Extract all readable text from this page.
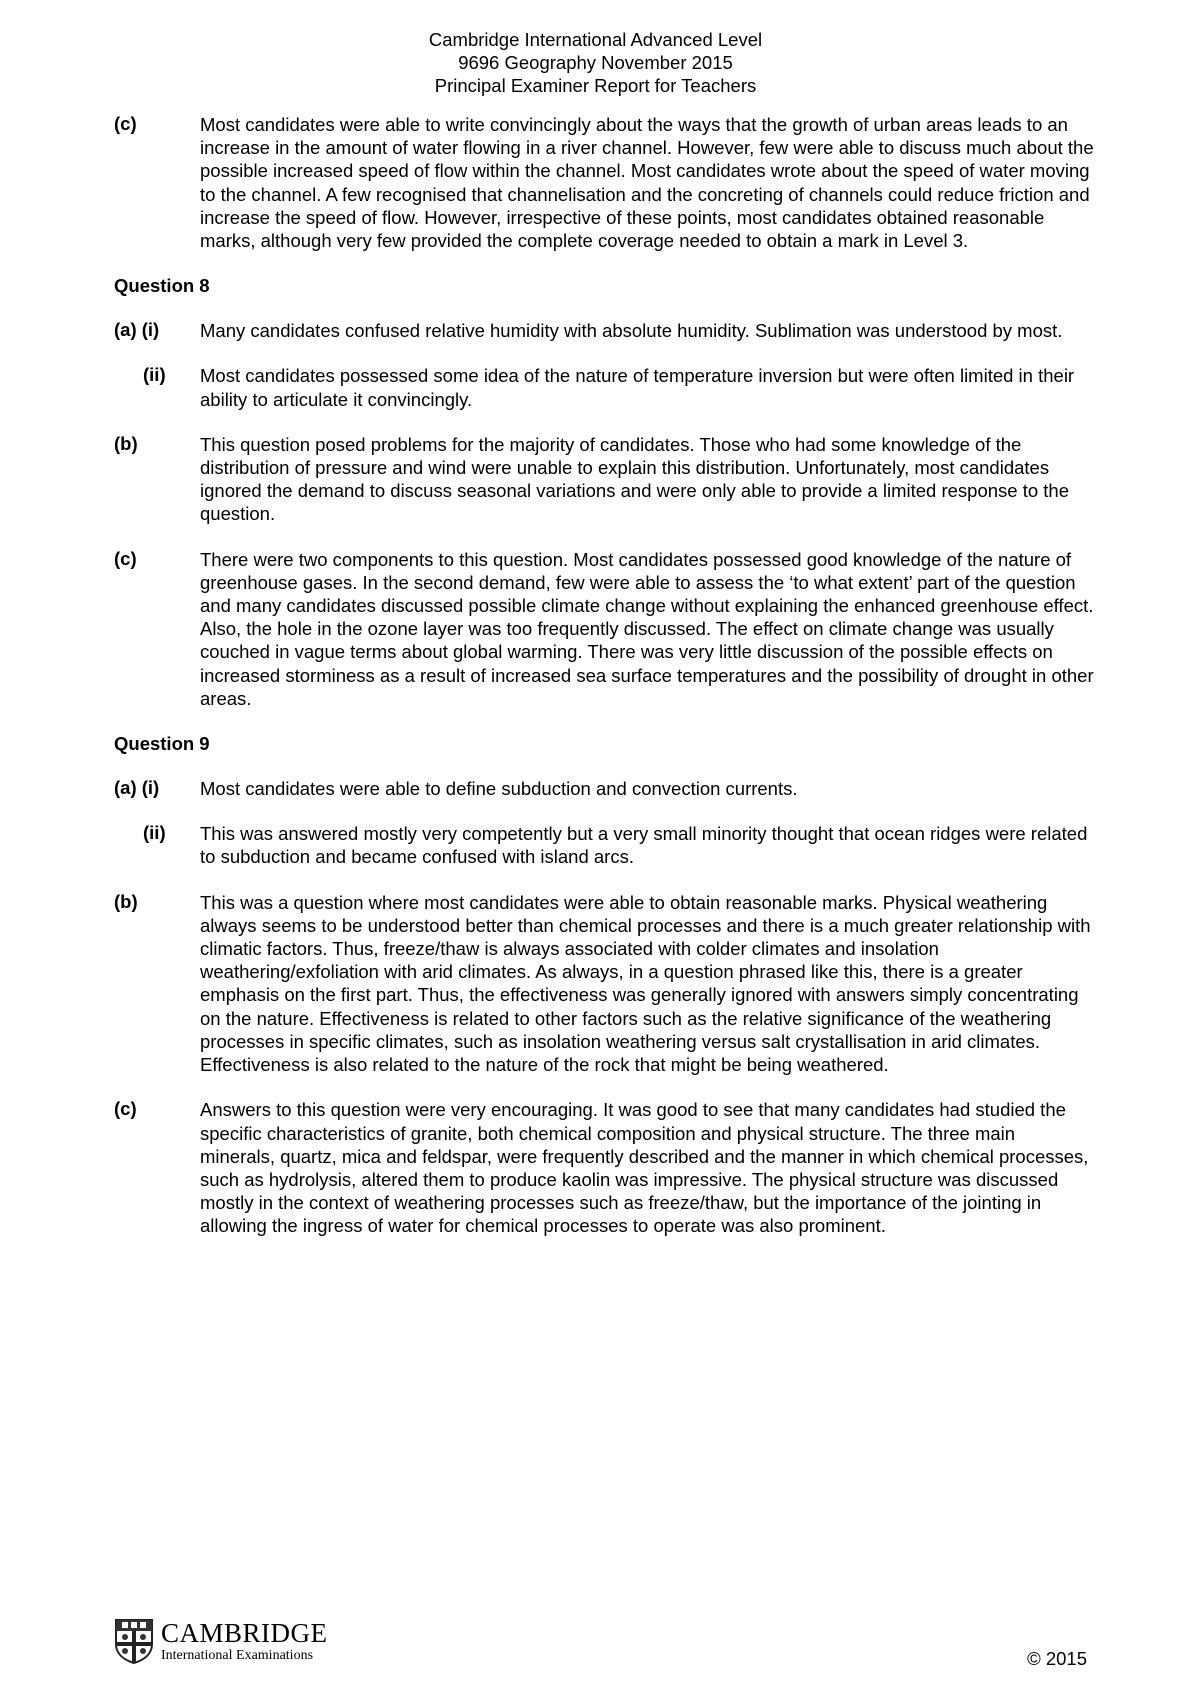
Cambridge International Advanced Level
9696 Geography November 2015
Principal Examiner Report for Teachers
(c)	Most candidates were able to write convincingly about the ways that the growth of urban areas leads to an increase in the amount of water flowing in a river channel. However, few were able to discuss much about the possible increased speed of flow within the channel. Most candidates wrote about the speed of water moving to the channel. A few recognised that channelisation and the concreting of channels could reduce friction and increase the speed of flow. However, irrespective of these points, most candidates obtained reasonable marks, although very few provided the complete coverage needed to obtain a mark in Level 3.
Question 8
(a) (i) Many candidates confused relative humidity with absolute humidity. Sublimation was understood by most.
(ii) Most candidates possessed some idea of the nature of temperature inversion but were often limited in their ability to articulate it convincingly.
(b)	This question posed problems for the majority of candidates. Those who had some knowledge of the distribution of pressure and wind were unable to explain this distribution. Unfortunately, most candidates ignored the demand to discuss seasonal variations and were only able to provide a limited response to the question.
(c)	There were two components to this question. Most candidates possessed good knowledge of the nature of greenhouse gases. In the second demand, few were able to assess the ‘to what extent’ part of the question and many candidates discussed possible climate change without explaining the enhanced greenhouse effect. Also, the hole in the ozone layer was too frequently discussed. The effect on climate change was usually couched in vague terms about global warming. There was very little discussion of the possible effects on increased storminess as a result of increased sea surface temperatures and the possibility of drought in other areas.
Question 9
(a) (i) Most candidates were able to define subduction and convection currents.
(ii) This was answered mostly very competently but a very small minority thought that ocean ridges were related to subduction and became confused with island arcs.
(b)	This was a question where most candidates were able to obtain reasonable marks. Physical weathering always seems to be understood better than chemical processes and there is a much greater relationship with climatic factors. Thus, freeze/thaw is always associated with colder climates and insolation weathering/exfoliation with arid climates. As always, in a question phrased like this, there is a greater emphasis on the first part. Thus, the effectiveness was generally ignored with answers simply concentrating on the nature. Effectiveness is related to other factors such as the relative significance of the weathering processes in specific climates, such as insolation weathering versus salt crystallisation in arid climates. Effectiveness is also related to the nature of the rock that might be being weathered.
(c)	Answers to this question were very encouraging. It was good to see that many candidates had studied the specific characteristics of granite, both chemical composition and physical structure. The three main minerals, quartz, mica and feldspar, were frequently described and the manner in which chemical processes, such as hydrolysis, altered them to produce kaolin was impressive. The physical structure was discussed mostly in the context of weathering processes such as freeze/thaw, but the importance of the jointing in allowing the ingress of water for chemical processes to operate was also prominent.
CAMBRIDGE
International Examinations	© 2015
